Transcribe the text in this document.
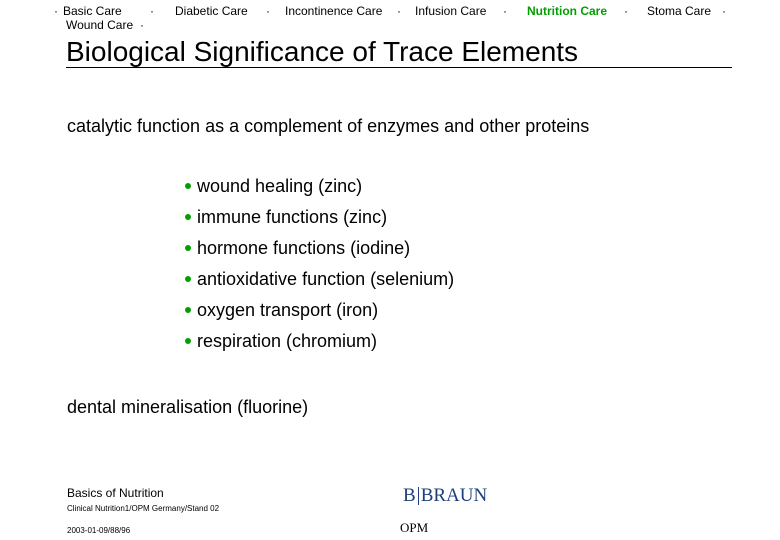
· Basic Care · Diabetic Care · Incontinence Care · Infusion Care · Nutrition Care · Stoma Care ·
Wound Care ·
Biological Significance of Trace Elements
catalytic function as a complement of enzymes and other proteins
wound healing (zinc)
immune functions (zinc)
hormone functions (iodine)
antioxidative function (selenium)
oxygen transport (iron)
respiration (chromium)
dental mineralisation (fluorine)
Basics of Nutrition
Clinical Nutrition1/OPM Germany/Stand 02
2003-01-09/88/96
B BRAUN
OPM
